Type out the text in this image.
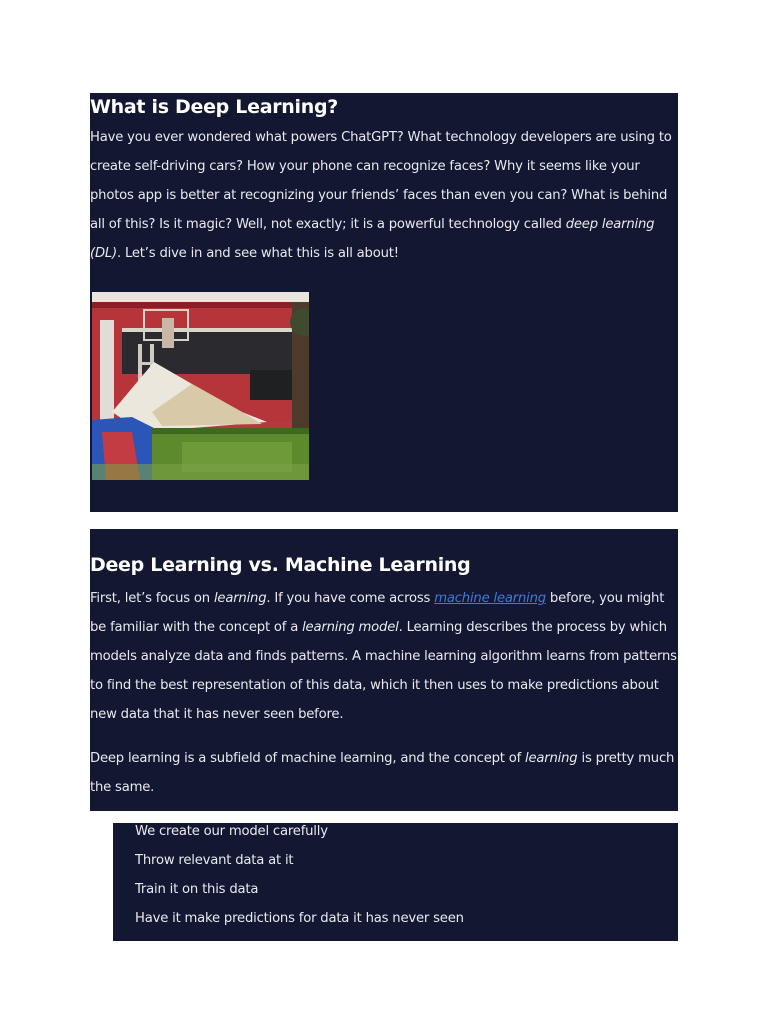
What is Deep Learning?

Have you ever wondered what powers ChatGPT? What technology developers are using to create self-driving cars? How your phone can recognize faces? Why it seems like your photos app is better at recognizing your friends’ faces than even you can? What is behind all of this? Is it magic? Well, not exactly; it is a powerful technology called deep learning (DL). Let’s dive in and see what this is all about!

Deep Learning vs. Machine Learning

First, let’s focus on learning. If you have come across machine learning before, you might be familiar with the concept of a learning model. Learning describes the process by which models analyze data and finds patterns. A machine learning algorithm learns from patterns to find the best representation of this data, which it then uses to make predictions about new data that it has never seen before.

Deep learning is a subfield of machine learning, and the concept of learning is pretty much the same.

We create our model carefully
Throw relevant data at it
Train it on this data
Have it make predictions for data it has never seen
